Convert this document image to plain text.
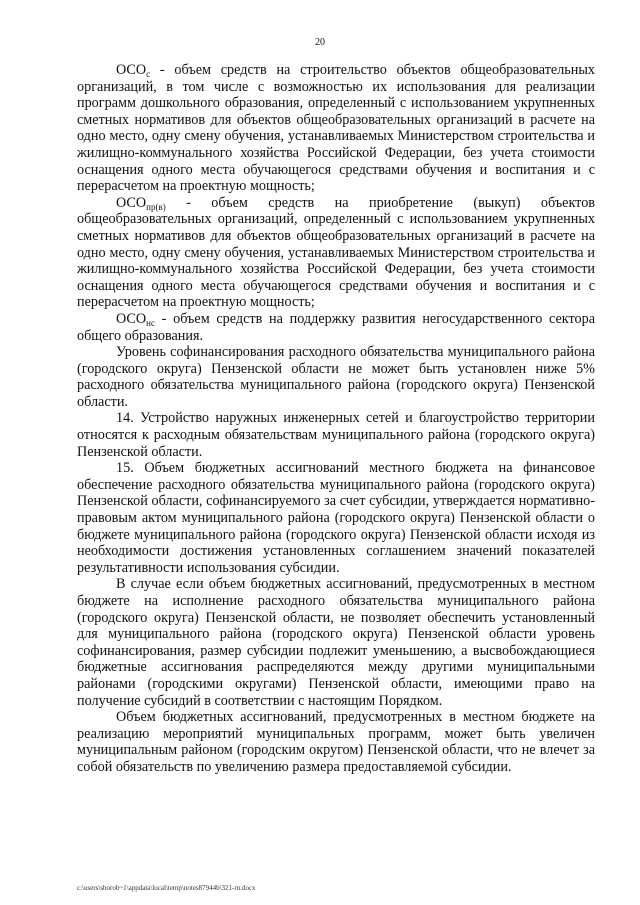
20

$ОСО_с$ - объем средств на строительство объектов общеобразовательных организаций, в том числе с возможностью их использования для реализации программ дошкольного образования, определенный с использованием укрупненных сметных нормативов для объектов общеобразовательных организаций в расчете на одно место, одну смену обучения, устанавливаемых Министерством строительства и жилищно-коммунального хозяйства Российской Федерации, без учета стоимости оснащения одного места обучающегося средствами обучения и воспитания и с перерасчетом на проектную мощность;

$ОСО_{пр(в)}$ - объем средств на приобретение (выкуп) объектов общеобразовательных организаций, определенный с использованием укрупненных сметных нормативов для объектов общеобразовательных организаций в расчете на одно место, одну смену обучения, устанавливаемых Министерством строительства и жилищно-коммунального хозяйства Российской Федерации, без учета стоимости оснащения одного места обучающегося средствами обучения и воспитания и с перерасчетом на проектную мощность;

$ОСО_{нс}$ - объем средств на поддержку развития негосударственного сектора общего образования.

Уровень софинансирования расходного обязательства муниципального района (городского округа) Пензенской области не может быть установлен ниже 5% расходного обязательства муниципального района (городского округа) Пензенской области.

14. Устройство наружных инженерных сетей и благоустройство территории относятся к расходным обязательствам муниципального района (городского округа) Пензенской области.

15. Объем бюджетных ассигнований местного бюджета на финансовое обеспечение расходного обязательства муниципального района (городского округа) Пензенской области, софинансируемого за счет субсидии, утверждается нормативно-правовым актом муниципального района (городского округа) Пензенской области о бюджете муниципального района (городского округа) Пензенской области исходя из необходимости достижения установленных соглашением значений показателей результативности использования субсидии.

В случае если объем бюджетных ассигнований, предусмотренных в местном бюджете на исполнение расходного обязательства муниципального района (городского округа) Пензенской области, не позволяет обеспечить установленный для муниципального района (городского округа) Пензенской области уровень софинансирования, размер субсидии подлежит уменьшению, а высвобождающиеся бюджетные ассигнования распределяются между другими муниципальными районами (городскими округами) Пензенской области, имеющими право на получение субсидий в соответствии с настоящим Порядком.

Объем бюджетных ассигнований, предусмотренных в местном бюджете на реализацию мероприятий муниципальных программ, может быть увеличен муниципальным районом (городским округом) Пензенской области, что не влечет за собой обязательств по увеличению размера предоставляемой субсидии.

c:\users\sborob~1\appdata\local\temp\notes87944b\321-rn.docx
